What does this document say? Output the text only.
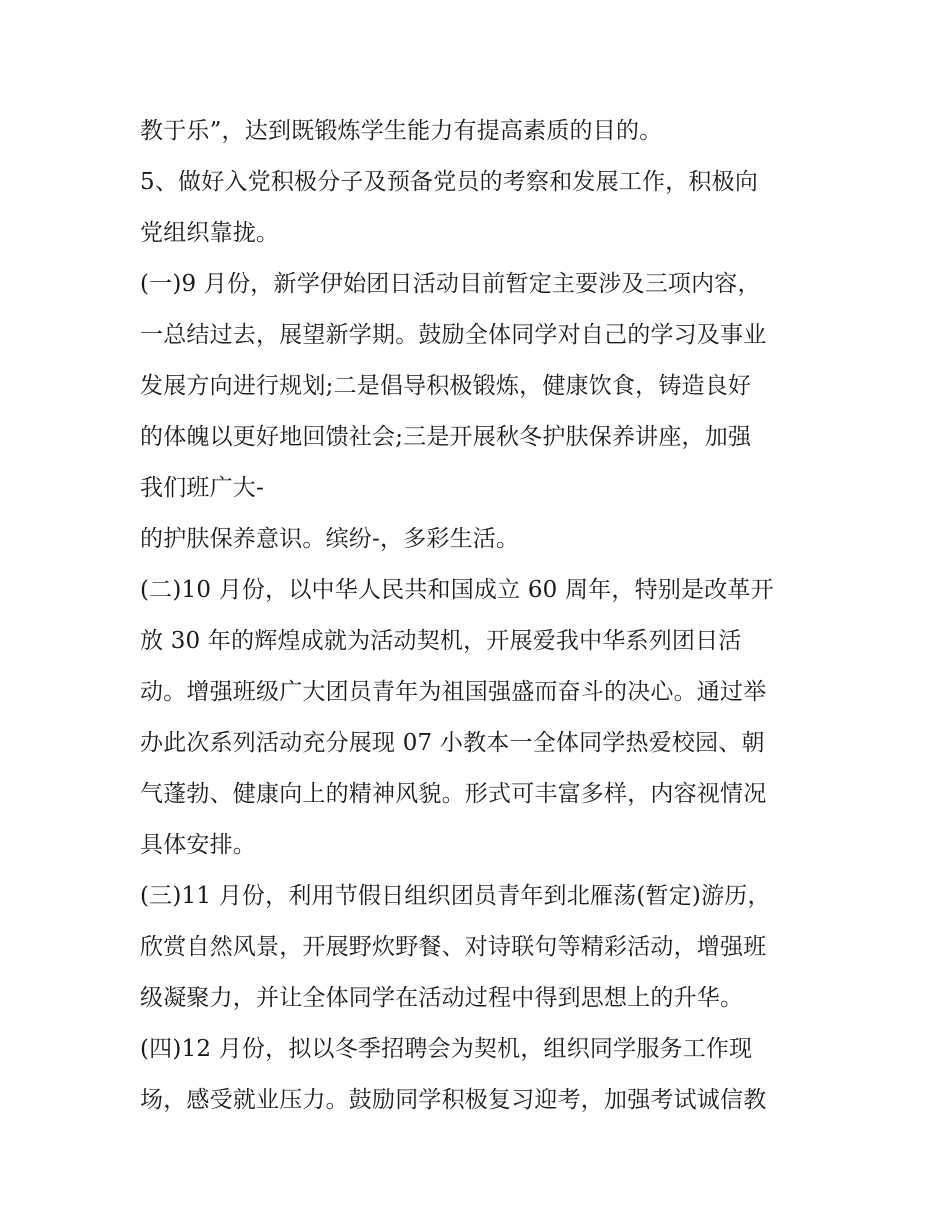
教于乐”，达到既锻炼学生能力有提高素质的目的。
5、做好入党积极分子及预备党员的考察和发展工作，积极向
党组织靠拢。
(一)9 月份，新学伊始团日活动目前暂定主要涉及三项内容，
一总结过去，展望新学期。鼓励全体同学对自己的学习及事业
发展方向进行规划;二是倡导积极锻炼，健康饮食，铸造良好
的体魄以更好地回馈社会;三是开展秋冬护肤保养讲座，加强
我们班广大-
的护肤保养意识。缤纷-，多彩生活。
(二)10 月份，以中华人民共和国成立 60 周年，特别是改革开
放 30 年的辉煌成就为活动契机，开展爱我中华系列团日活
动。增强班级广大团员青年为祖国强盛而奋斗的决心。通过举
办此次系列活动充分展现 07 小教本一全体同学热爱校园、朝
气蓬勃、健康向上的精神风貌。形式可丰富多样，内容视情况
具体安排。
(三)11 月份，利用节假日组织团员青年到北雁荡(暂定)游历，
欣赏自然风景，开展野炊野餐、对诗联句等精彩活动，增强班
级凝聚力，并让全体同学在活动过程中得到思想上的升华。
(四)12 月份，拟以冬季招聘会为契机，组织同学服务工作现
场，感受就业压力。鼓励同学积极复习迎考，加强考试诚信教
